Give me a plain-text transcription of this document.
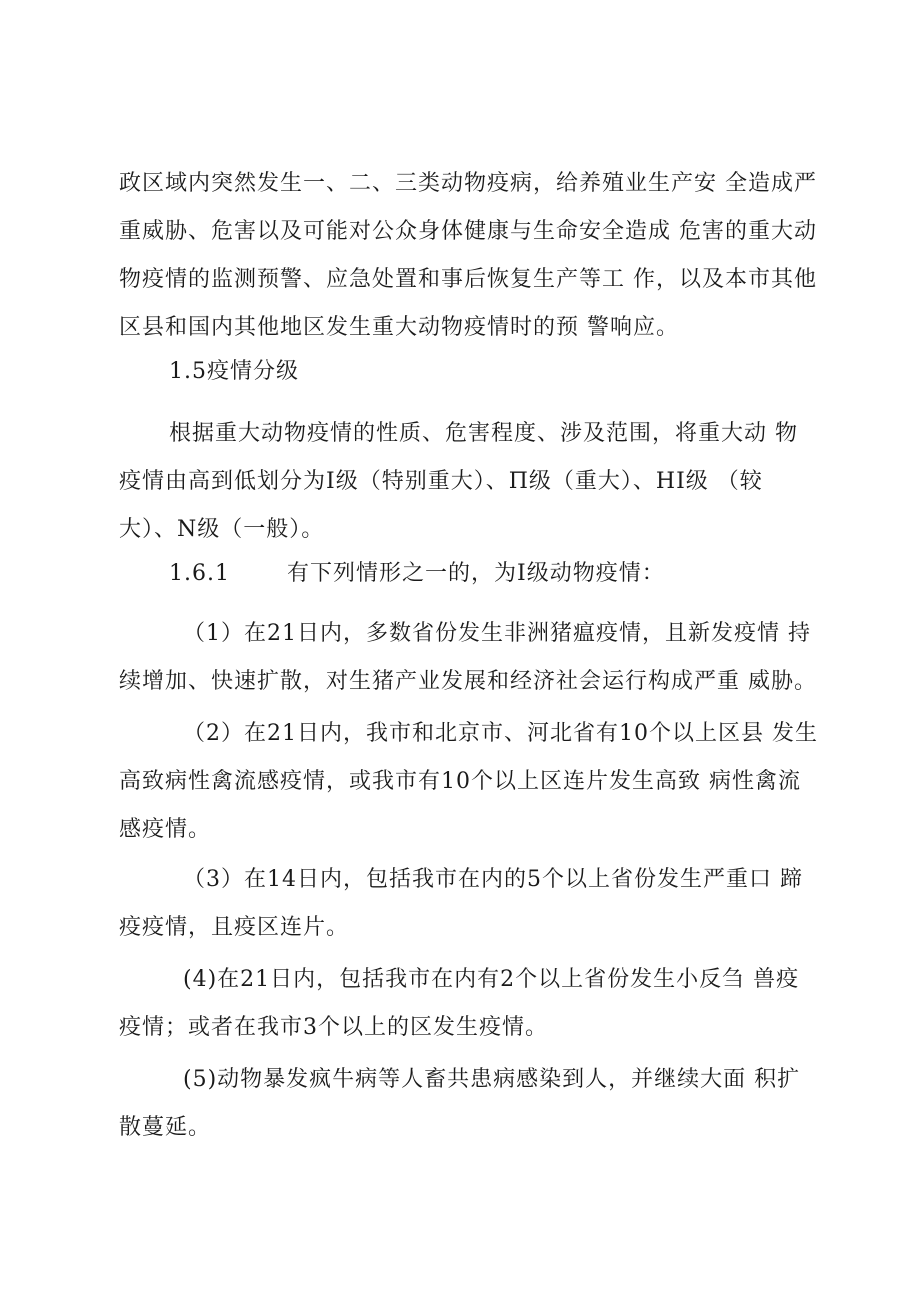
政区域内突然发生一、二、三类动物疫病，给养殖业生产安 全造成严重威胁、危害以及可能对公众身体健康与生命安全造成 危害的重大动物疫情的监测预警、应急处置和事后恢复生产等工 作，以及本市其他区县和国内其他地区发生重大动物疫情时的预 警响应。

1.5疫情分级

根据重大动物疫情的性质、危害程度、涉及范围，将重大动 物疫情由高到低划分为I级（特别重大）、Π级（重大）、HI级 （较大）、N级（一般）。

1.6.1	有下列情形之一的，为I级动物疫情：

（1）在21日内，多数省份发生非洲猪瘟疫情，且新发疫情 持续增加、快速扩散，对生猪产业发展和经济社会运行构成严重 威胁。

（2）在21日内，我市和北京市、河北省有10个以上区县 发生高致病性禽流感疫情，或我市有10个以上区连片发生高致 病性禽流感疫情。

（3）在14日内，包括我市在内的5个以上省份发生严重口 蹄疫疫情，且疫区连片。

(4)在21日内，包括我市在内有2个以上省份发生小反刍 兽疫疫情；或者在我市3个以上的区发生疫情。

(5)动物暴发疯牛病等人畜共患病感染到人，并继续大面 积扩散蔓延。
